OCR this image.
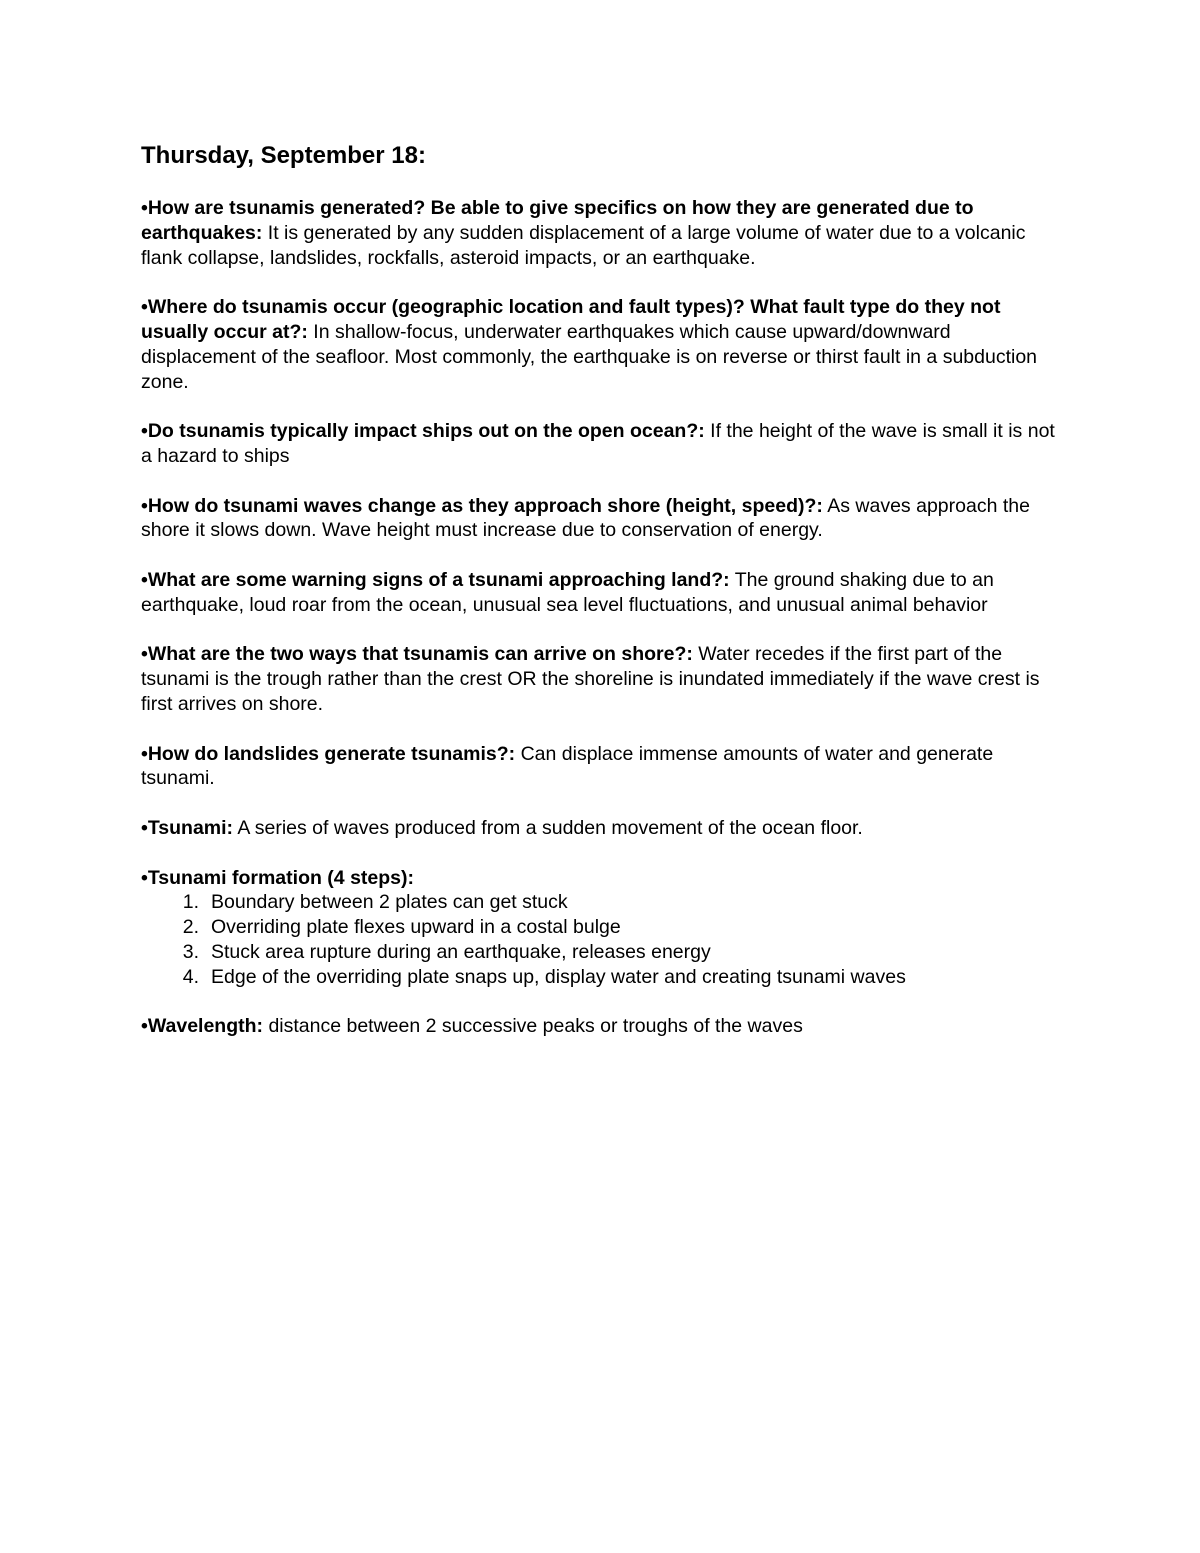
Thursday, September 18:

•How are tsunamis generated? Be able to give specifics on how they are generated due to earthquakes: It is generated by any sudden displacement of a large volume of water due to a volcanic flank collapse, landslides, rockfalls, asteroid impacts, or an earthquake.

•Where do tsunamis occur (geographic location and fault types)? What fault type do they not usually occur at?: In shallow-focus, underwater earthquakes which cause upward/downward displacement of the seafloor. Most commonly, the earthquake is on reverse or thirst fault in a subduction zone.

•Do tsunamis typically impact ships out on the open ocean?: If the height of the wave is small it is not a hazard to ships

•How do tsunami waves change as they approach shore (height, speed)?: As waves approach the shore it slows down. Wave height must increase due to conservation of energy.

•What are some warning signs of a tsunami approaching land?: The ground shaking due to an earthquake, loud roar from the ocean, unusual sea level fluctuations, and unusual animal behavior

•What are the two ways that tsunamis can arrive on shore?: Water recedes if the first part of the tsunami is the trough rather than the crest OR the shoreline is inundated immediately if the wave crest is first arrives on shore.

•How do landslides generate tsunamis?: Can displace immense amounts of water and generate tsunami.

•Tsunami: A series of waves produced from a sudden movement of the ocean floor.

•Tsunami formation (4 steps):
1. Boundary between 2 plates can get stuck
2. Overriding plate flexes upward in a costal bulge
3. Stuck area rupture during an earthquake, releases energy
4. Edge of the overriding plate snaps up, display water and creating tsunami waves

•Wavelength: distance between 2 successive peaks or troughs of the waves
